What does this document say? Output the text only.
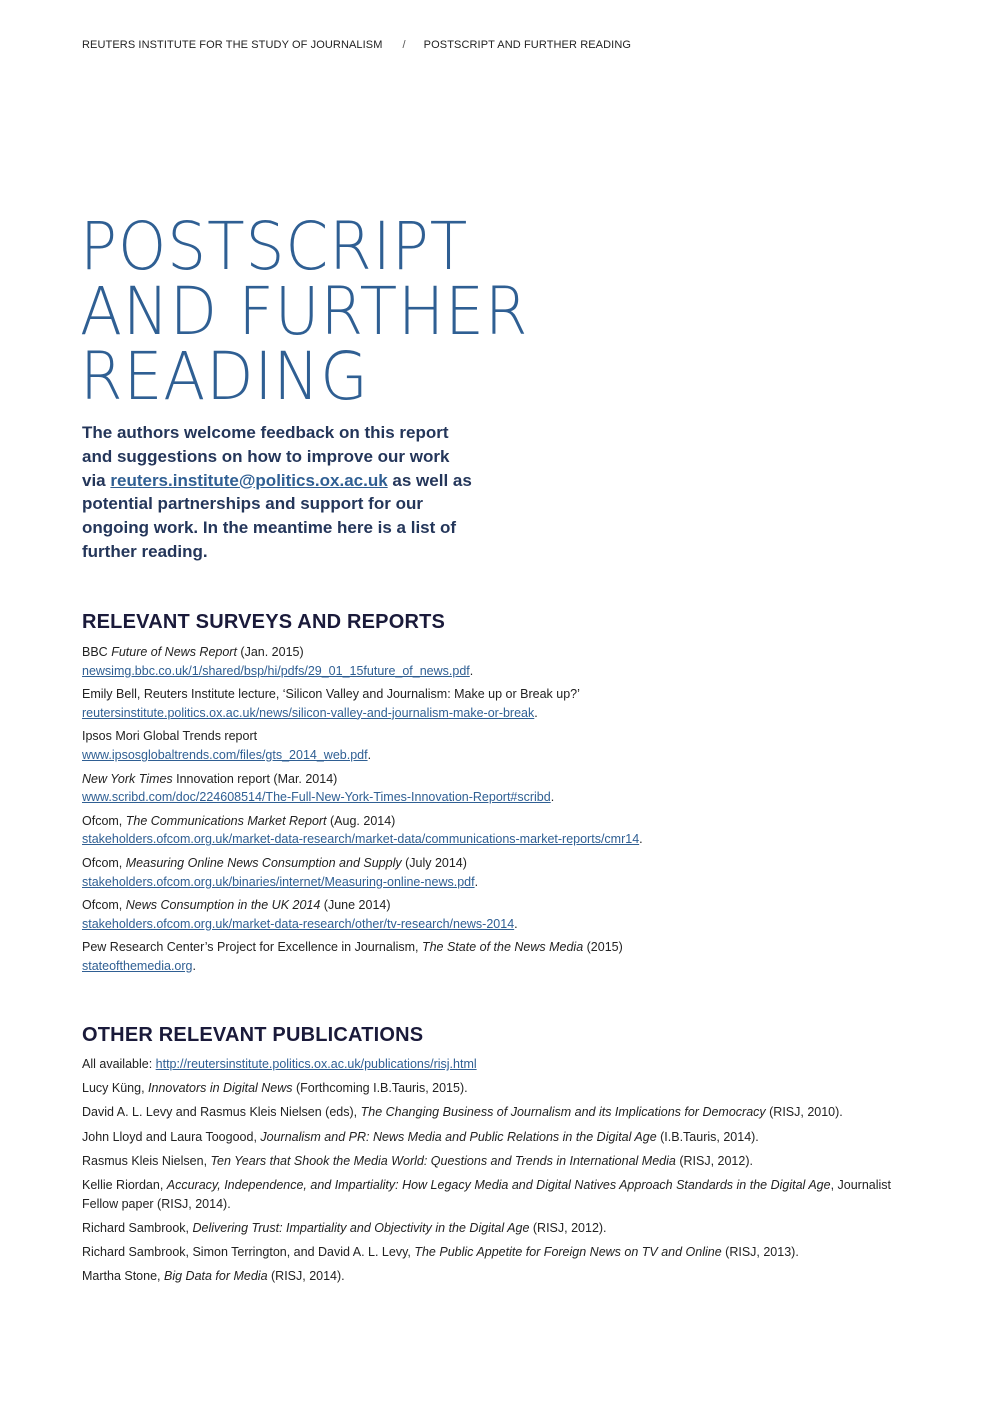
REUTERS INSTITUTE FOR THE STUDY OF JOURNALISM / POSTSCRIPT AND FURTHER READING
POSTSCRIPT
AND FURTHER
READING

The authors welcome feedback on this report and suggestions on how to improve our work via reuters.institute@politics.ox.ac.uk as well as potential partnerships and support for our ongoing work. In the meantime here is a list of further reading.

RELEVANT SURVEYS AND REPORTS
BBC Future of News Report (Jan. 2015)
newsimg.bbc.co.uk/1/shared/bsp/hi/pdfs/29_01_15future_of_news.pdf.
Emily Bell, Reuters Institute lecture, ‘Silicon Valley and Journalism: Make up or Break up?’
reutersinstitute.politics.ox.ac.uk/news/silicon-valley-and-journalism-make-or-break.
Ipsos Mori Global Trends report
www.ipsosglobaltrends.com/files/gts_2014_web.pdf.
New York Times Innovation report (Mar. 2014)
www.scribd.com/doc/224608514/The-Full-New-York-Times-Innovation-Report#scribd.
Ofcom, The Communications Market Report (Aug. 2014)
stakeholders.ofcom.org.uk/market-data-research/market-data/communications-market-reports/cmr14.
Ofcom, Measuring Online News Consumption and Supply (July 2014)
stakeholders.ofcom.org.uk/binaries/internet/Measuring-online-news.pdf.
Ofcom, News Consumption in the UK 2014 (June 2014)
stakeholders.ofcom.org.uk/market-data-research/other/tv-research/news-2014.
Pew Research Center’s Project for Excellence in Journalism, The State of the News Media (2015)
stateofthemedia.org.
OTHER RELEVANT PUBLICATIONS
All available: http://reutersinstitute.politics.ox.ac.uk/publications/risj.html
Lucy Küng, Innovators in Digital News (Forthcoming I.B.Tauris, 2015).
David A. L. Levy and Rasmus Kleis Nielsen (eds), The Changing Business of Journalism and its Implications for Democracy (RISJ, 2010).
John Lloyd and Laura Toogood, Journalism and PR: News Media and Public Relations in the Digital Age (I.B.Tauris, 2014).
Rasmus Kleis Nielsen, Ten Years that Shook the Media World: Questions and Trends in International Media (RISJ, 2012).
Kellie Riordan, Accuracy, Independence, and Impartiality: How Legacy Media and Digital Natives Approach Standards in the Digital Age, Journalist Fellow paper (RISJ, 2014).
Richard Sambrook, Delivering Trust: Impartiality and Objectivity in the Digital Age (RISJ, 2012).
Richard Sambrook, Simon Terrington, and David A. L. Levy, The Public Appetite for Foreign News on TV and Online (RISJ, 2013).
Martha Stone, Big Data for Media (RISJ, 2014).
